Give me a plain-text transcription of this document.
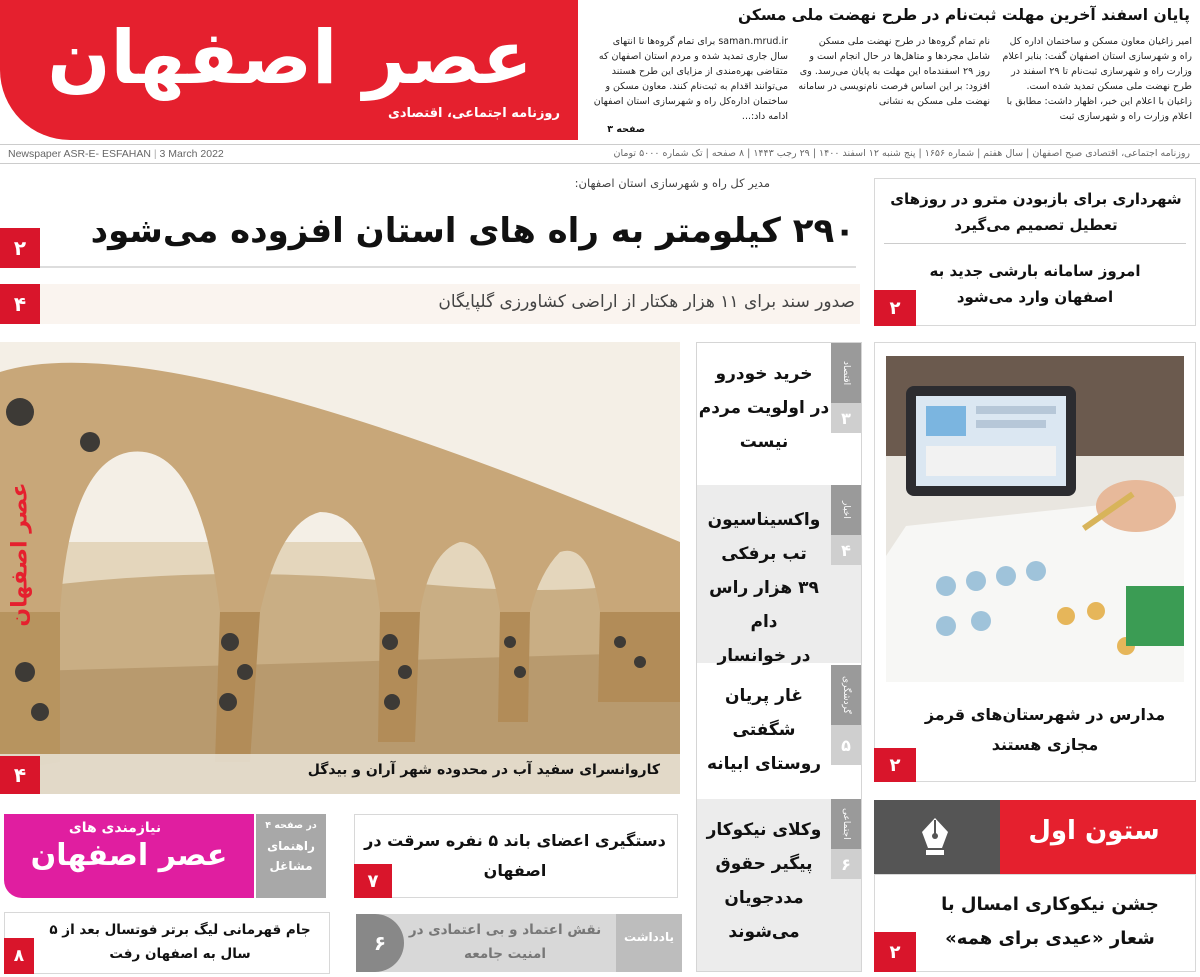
عصر اصفهان
روزنامه اجتماعی، اقتصادی
پایان اسفند آخرین مهلت ثبت‌نام در طرح نهضت ملی مسکن
امیر زاغیان معاون مسکن و ساختمان اداره کل راه و شهرسازی استان اصفهان گفت: بنابر اعلام وزارت راه و شهرسازی ثبت‌نام تا ۲۹ اسفند در طرح نهضت ملی مسکن تمدید شده است. زاغیان با اعلام این خبر، اظهار داشت: مطابق با اعلام وزارت راه و شهرسازی ثبت
نام تمام گروه‌ها در طرح نهضت ملی مسکن شامل مجردها و متاهل‌ها در حال انجام است و روز ۲۹ اسفندماه این مهلت به پایان می‌رسد. وی افزود: بر این اساس فرصت نام‌نویسی در سامانه نهضت ملی مسکن به نشانی
saman.mrud.ir برای تمام گروه‌ها تا انتهای سال جاری تمدید شده و مردم استان اصفهان که متقاضی بهره‌مندی از مزایای این طرح هستند می‌توانند اقدام به ثبت‌نام کنند. معاون مسکن و ساختمان اداره‌کل راه و شهرسازی استان اصفهان ادامه داد:...
صفحه ۳
Newspaper ASR-E- ESFAHAN | 3 March 2022	روزنامه اجتماعی، اقتصادی صبح اصفهان | سال هفتم | شماره ۱۶۵۶ | پنج شنبه ۱۲ اسفند ۱۴۰۰ | ۲۹ رجب ۱۴۴۳ | ۸ صفحه | تک شماره ۵۰۰۰ تومان
مدیر کل راه و شهرسازی استان اصفهان:
۲۹۰ کیلومتر به راه های استان افزوده می‌شود
۲
صدور سند برای ۱۱ هزار هکتار از اراضی کشاورزی گلپایگان
۴
عصر اصفهان
کاروانسرای سفید آب در محدوده شهر آران و بیدگل
۴
اقتصاد
۳
خرید خودرو
در اولویت مردم
نیست
اخبار
۴
واکسیناسیون
تب برفکی
۳۹ هزار راس دام
در خوانسار
گردشگری
۵
غار پریان
شگفتی
روستای ابیانه
اجتماعی
۶
وکلای نیکوکار
پیگیر حقوق
مددجویان
می‌شوند
شهرداری برای بازبودن مترو در روزهای تعطیل تصمیم می‌گیرد
امروز سامانه بارشی جدید به اصفهان وارد می‌شود
۲
مدارس در شهرستان‌های قرمز مجازی هستند
۲
ستون اول
جشن نیکوکاری امسال با شعار «عیدی برای همه»
۲
نیازمندی های
عصر اصفهان
در صفحه ۴
راهنمای
مشاغل
دستگیری اعضای باند ۵ نفره سرقت در اصفهان
۷
جام قهرمانی لیگ برتر فوتسال بعد از ۵ سال به اصفهان رفت
۸
یادداشت
نقش اعتماد و بی اعتمادی در امنیت جامعه
۶
